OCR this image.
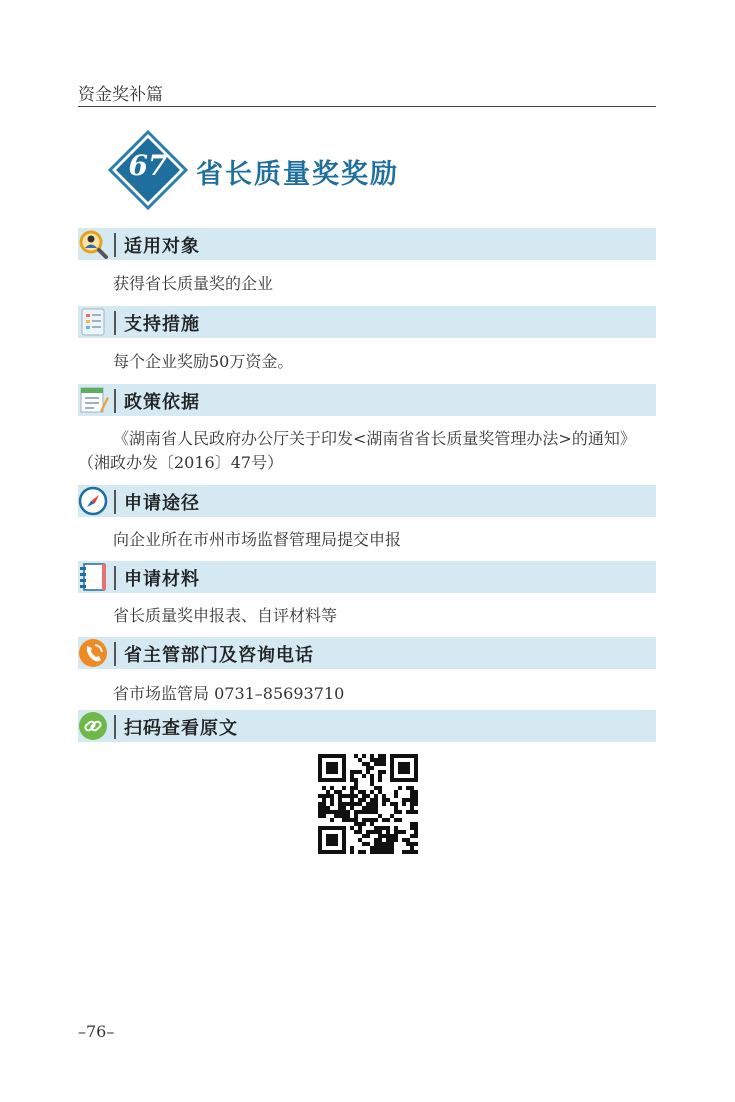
资金奖补篇
67	省长质量奖奖励
适用对象
获得省长质量奖的企业
支持措施
每个企业奖励50万资金。
政策依据
《湖南省人民政府办公厅关于印发<湖南省省长质量奖管理办法>的通知》（湘政办发〔2016〕47号）
申请途径
向企业所在市州市场监督管理局提交申报
申请材料
省长质量奖申报表、自评材料等
省主管部门及咨询电话
省市场监管局 0731–85693710
扫码查看原文
–76–
